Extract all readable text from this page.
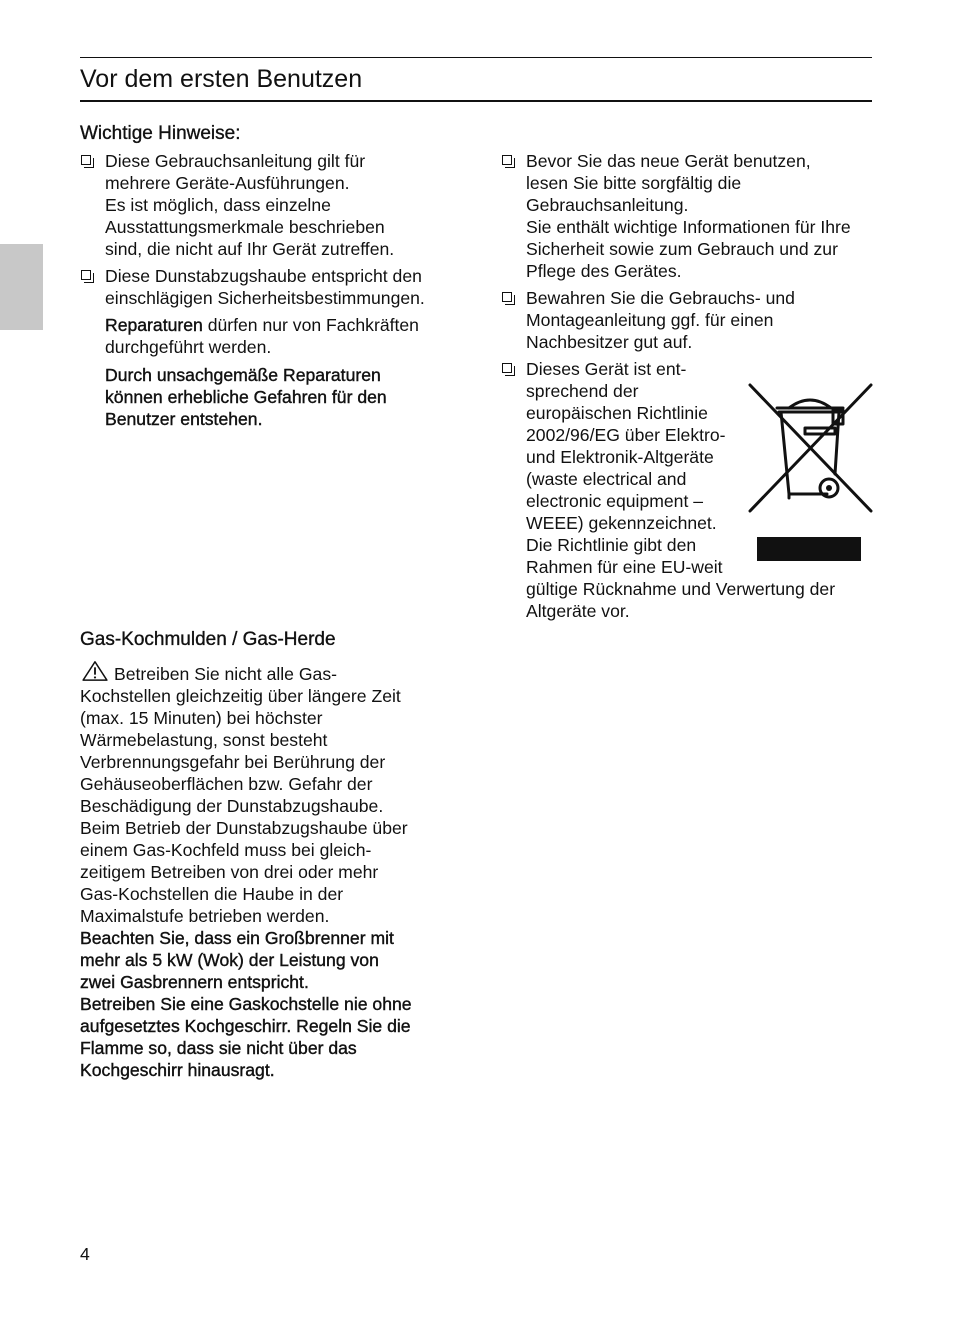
Vor dem ersten Benutzen
Wichtige Hinweise:
Diese Gebrauchsanleitung gilt für
mehrere Geräte-Ausführungen.
Es ist möglich, dass einzelne
Ausstattungsmerkmale beschrieben
sind, die nicht auf Ihr Gerät zutreffen.
Diese Dunstabzugshaube entspricht den
einschlägigen Sicherheitsbestimmungen.

Reparaturen dürfen nur von Fachkräften
durchgeführt werden.

Durch unsachgemäße Reparaturen
können erhebliche Gefahren für den
Benutzer entstehen.

Bevor Sie das neue Gerät benutzen,
lesen Sie bitte sorgfältig die
Gebrauchsanleitung.
Sie enthält wichtige Informationen für Ihre
Sicherheit sowie zum Gebrauch und zur
Pflege des Gerätes.
Bewahren Sie die Gebrauchs- und
Montageanleitung ggf. für einen
Nachbesitzer gut auf.
Dieses Gerät ist ent-
sprechend der
europäischen Richtlinie
2002/96/EG über Elektro-
und Elektronik-Altgeräte
(waste electrical and
electronic equipment –
WEEE) gekennzeichnet.
Die Richtlinie gibt den
Rahmen für eine EU-weit
gültige Rücknahme und Verwertung der
Altgeräte vor.
Gas-Kochmulden / Gas-Herde
Betreiben Sie nicht alle Gas-
Kochstellen gleichzeitig über längere Zeit
(max. 15 Minuten) bei höchster
Wärmebelastung, sonst besteht
Verbrennungsgefahr bei Berührung der
Gehäuseoberflächen bzw. Gefahr der
Beschädigung der Dunstabzugshaube.
Beim Betrieb der Dunstabzugshaube über
einem Gas-Kochfeld muss bei gleich-
zeitigem Betreiben von drei oder mehr
Gas-Kochstellen die Haube in der
Maximalstufe betrieben werden.
Beachten Sie, dass ein Großbrenner mit
mehr als 5 kW (Wok) der Leistung von
zwei Gasbrennern entspricht.
Betreiben Sie eine Gaskochstelle nie ohne
aufgesetztes Kochgeschirr. Regeln Sie die
Flamme so, dass sie nicht über das
Kochgeschirr hinausragt.
4
